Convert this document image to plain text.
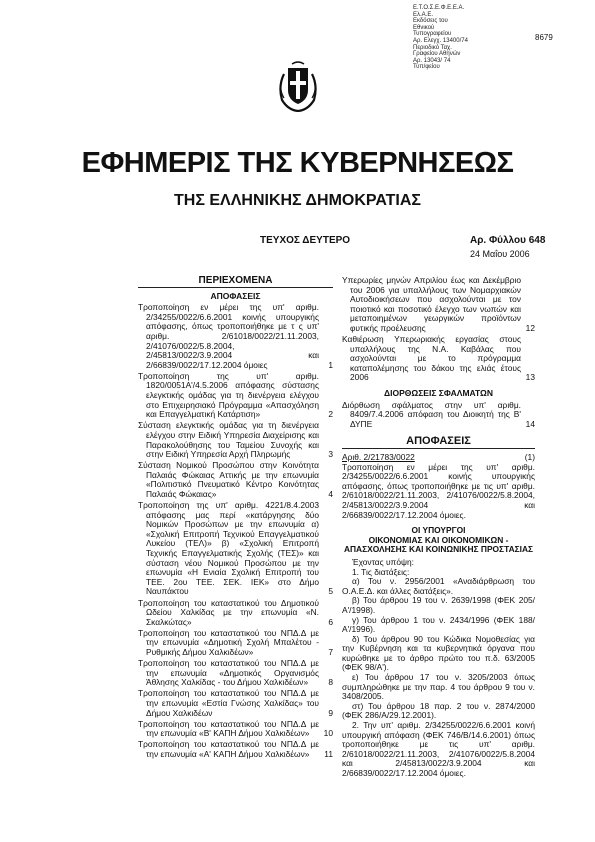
Ε.Τ.Ο.Σ.Ε.Φ.Ε.Ε.Α.
Ελ.Α.Ε.
Εκδόσεις του
Εθνικού Τυπογραφείου
Αρ. Ελεγχ. 13400/74
Περιοδικό Ταχ.
Γραφείου Αθηνών
Αρ. 13043/ 74
Τυπ/φείου
8679
ΕΦΗΜΕΡΙΣ ΤΗΣ ΚΥΒΕΡΝΗΣΕΩΣ
ΤΗΣ ΕΛΛΗΝΙΚΗΣ ΔΗΜΟΚΡΑΤΙΑΣ
ΤΕΥΧΟΣ ΔΕΥΤΕΡΟ	Αρ. Φύλλου 648
24 Μαΐου 2006
ΠΕΡΙΕΧΟΜΕΝΑ
ΑΠΟΦΑΣΕΙΣ
Τροποποίηση εν μέρει της υπ' αριθμ. 2/34255/0022/6.6.2001 κοινής υπουργικής απόφασης, όπως τροποποιήθηκε με τ ς υπ' αριθμ. 2/61018/0022/21.11.2003, 2/41076/0022/5.8.2004, 2/45813/0022/3.9.2004 και 2/66839/0022/17.12.2004 όμοιες	1
Τροποποίηση της υπ' αριθμ. 1820/0051Α'/4.5.2006 απόφασης σύστασης ελεγκτικής ομάδας για τη διενέργεια ελέγχου στο Επιχειρησιακό Πρόγραμμα «Απασχόληση και Επαγγελματική Κατάρτιση»	2
Σύσταση ελεγκτικής ομάδας για τη διενέργεια ελέγχου στην Ειδική Υπηρεσία Διαχείρισης και Παρακολούθησης του Ταμείου Συνοχής και στην Ειδική Υπηρεσία Αρχή Πληρωμής	3
Σύσταση Νομικού Προσώπου στην Κοινότητα Παλαιάς Φώκαιας Αττικής με την επωνυμία «Πολιτιστικό Πνευματικό Κέντρο Κοινότητας Παλαιάς Φώκαιας»	4
Τροποποίηση της υπ' αριθμ. 4221/8.4.2003 απόφασης μας περί «κατάργησης δύο Νομικών Προσώπων με την επωνυμία α) «Σχολική Επιτροπή Τεχνικού Επαγγελματικού Λυκείου (ΤΕΛ)» β) «Σχολική Επιτροπή Τεχνικής Επαγγελματικής Σχολής (ΤΕΣ)» και σύσταση νέου Νομικού Προσώπου με την επωνυμία «Η Ενιαία Σχολική Επιτροπή του ΤΕΕ. 2ου ΤΕΕ. ΣΕΚ. ΙΕΚ» στο Δήμο Ναυπάκτου	5
Τροποποίηση του καταστατικού του Δημοτικού Ωδείου Χαλκίδας με την επωνυμία «Ν. Σκαλκώτας»	6
Τροποποίηση του καταστατικού του ΝΠΔ.Δ με την επωνυμία «Δημοτική Σχολή Μπαλέτου - Ρυθμικής Δήμου Χαλκιδέων»	7
Τροποποίηση του καταστατικού του ΝΠΔ.Δ με την επωνυμία «Δημοτικός Οργανισμός Άθλησης Χαλκίδας - του Δήμου Χαλκιδέων»	8
Τροποποίηση του καταστατικού του ΝΠΔ.Δ με την επωνυμία «Εστία Γνώσης Χαλκίδας» του Δήμου Χαλκιδέων	9
Τροποποίηση του καταστατικού του ΝΠΔ.Δ με την επωνυμία «Β' ΚΑΠΗ Δήμου Χαλκιδέων»	10
Τροποποίηση του καταστατικού του ΝΠΔ.Δ με την επωνυμία «Α' ΚΑΠΗ Δήμου Χαλκιδέων»	11
Υπερωρίες μηνών Απριλίου έως και Δεκέμβριο του 2006 για υπαλλήλους των Νομαρχιακών Αυτοδιοικήσεων που ασχολούνται με τον ποιοτικό και ποσοτικό έλεγχο των νωπών και μεταποιημένων γεωργικών προϊόντων φυτικής προέλευσης	12
Καθιέρωση Υπερωριακής εργασίας στους υπαλλήλους της Ν.Α. Καβάλας που ασχολούνται με το πρόγραμμα καταπολέμησης του δάκου της ελιάς έτους 2006	13
ΔΙΟΡΘΩΣΕΙΣ ΣΦΑΛΜΑΤΩΝ
Διόρθωση σφάλματος στην υπ' αριθμ. 8409/7.4.2006 απόφαση του Διοικητή της Β' ΔΥΠΕ	14
ΑΠΟΦΑΣΕΙΣ
Αριθ. 2/21783/0022	(1)

Τροποποίηση εν μέρει της υπ' αριθμ. 2/34255/0022/6.6.2001 κοινής υπουργικής απόφασης, όπως τροποποιήθηκε με τις υπ' αριθμ. 2/61018/0022/21.11.2003, 2/41076/0022/5.8.2004, 2/45813/0022/3.9.2004 και 2/66839/0022/17.12.2004 όμοιες.

ΟΙ ΥΠΟΥΡΓΟΙ
ΟΙΚΟΝΟΜΙΑΣ ΚΑΙ ΟΙΚΟΝΟΜΙΚΩΝ -
ΑΠΑΣΧΟΛΗΣΗΣ ΚΑΙ ΚΟΙΝΩΝΙΚΗΣ ΠΡΟΣΤΑΣΙΑΣ

Έχοντας υπόψη:

1. Τις διατάξεις:

α) Του ν. 2956/2001 «Αναδιάρθρωση του Ο.Α.Ε.Δ. και άλλες διατάξεις».

β) Του άρθρου 19 του ν. 2639/1998 (ΦΕΚ 205/Α'/1998).

γ) Του άρθρου 1 του ν. 2434/1996 (ΦΕΚ 188/Α'/1996).

δ) Του άρθρου 90 του Κώδικα Νομοθεσίας για την Κυβέρνηση και τα κυβερνητικά όργανα που κυρώθηκε με το άρθρο πρώτο του π.δ. 63/2005 (ΦΕΚ 98/Α').

ε) Του άρθρου 17 του ν. 3205/2003 όπως συμπληρώθηκε με την παρ. 4 του άρθρου 9 του ν. 3408/2005.

στ) Του άρθρου 18 παρ. 2 του ν. 2874/2000 (ΦΕΚ 286/Α/29.12.2001).

2. Την υπ' αριθμ. 2/34255/0022/6.6.2001 κοινή υπουργική απόφαση (ΦΕΚ 746/Β/14.6.2001) όπως τροποποιήθηκε με τις υπ' αριθμ. 2/61018/0022/21.11.2003, 2/41076/0022/5.8.2004 και 2/45813/0022/3.9.2004 και 2/66839/0022/17.12.2004 όμοιες.
